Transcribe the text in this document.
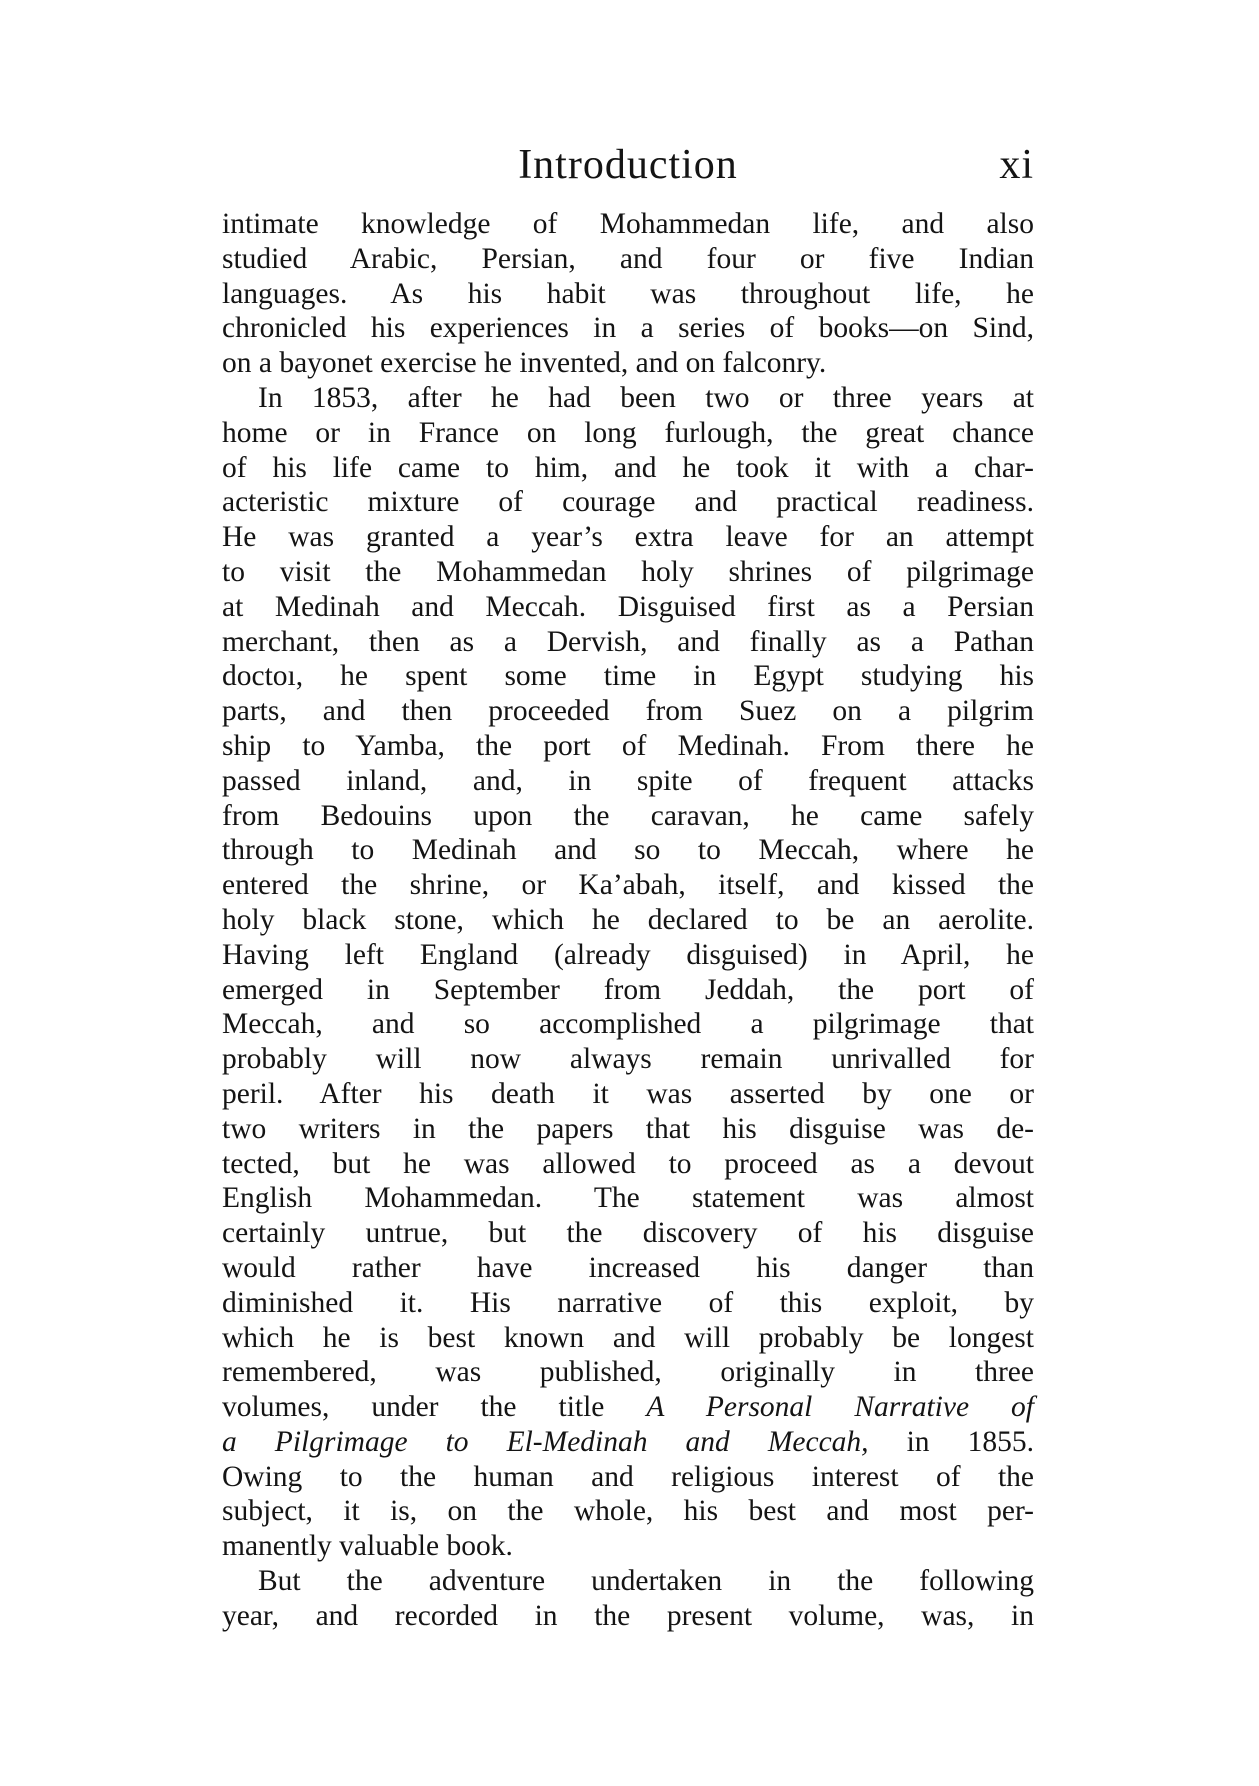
Introduction	xi
intimate knowledge of Mohammedan life, and also
studied Arabic, Persian, and four or five Indian
languages. As his habit was throughout life, he
chronicled his experiences in a series of books—on Sind,
on a bayonet exercise he invented, and on falconry.
In 1853, after he had been two or three years at
home or in France on long furlough, the great chance
of his life came to him, and he took it with a char-
acteristic mixture of courage and practical readiness.
He was granted a year’s extra leave for an attempt
to visit the Mohammedan holy shrines of pilgrimage
at Medinah and Meccah. Disguised first as a Persian
merchant, then as a Dervish, and finally as a Pathan
doctoı, he spent some time in Egypt studying his
parts, and then proceeded from Suez on a pilgrim
ship to Yamba, the port of Medinah. From there he
passed inland, and, in spite of frequent attacks
from Bedouins upon the caravan, he came safely
through to Medinah and so to Meccah, where he
entered the shrine, or Ka’abah, itself, and kissed the
holy black stone, which he declared to be an aerolite.
Having left England (already disguised) in April, he
emerged in September from Jeddah, the port of
Meccah, and so accomplished a pilgrimage that
probably will now always remain unrivalled for
peril. After his death it was asserted by one or
two writers in the papers that his disguise was de-
tected, but he was allowed to proceed as a devout
English Mohammedan. The statement was almost
certainly untrue, but the discovery of his disguise
would rather have increased his danger than
diminished it. His narrative of this exploit, by
which he is best known and will probably be longest
remembered, was published, originally in three
volumes, under the title A Personal Narrative of
a Pilgrimage to El-Medinah and Meccah, in 1855.
Owing to the human and religious interest of the
subject, it is, on the whole, his best and most per-
manently valuable book.
But the adventure undertaken in the following
year, and recorded in the present volume, was, in
